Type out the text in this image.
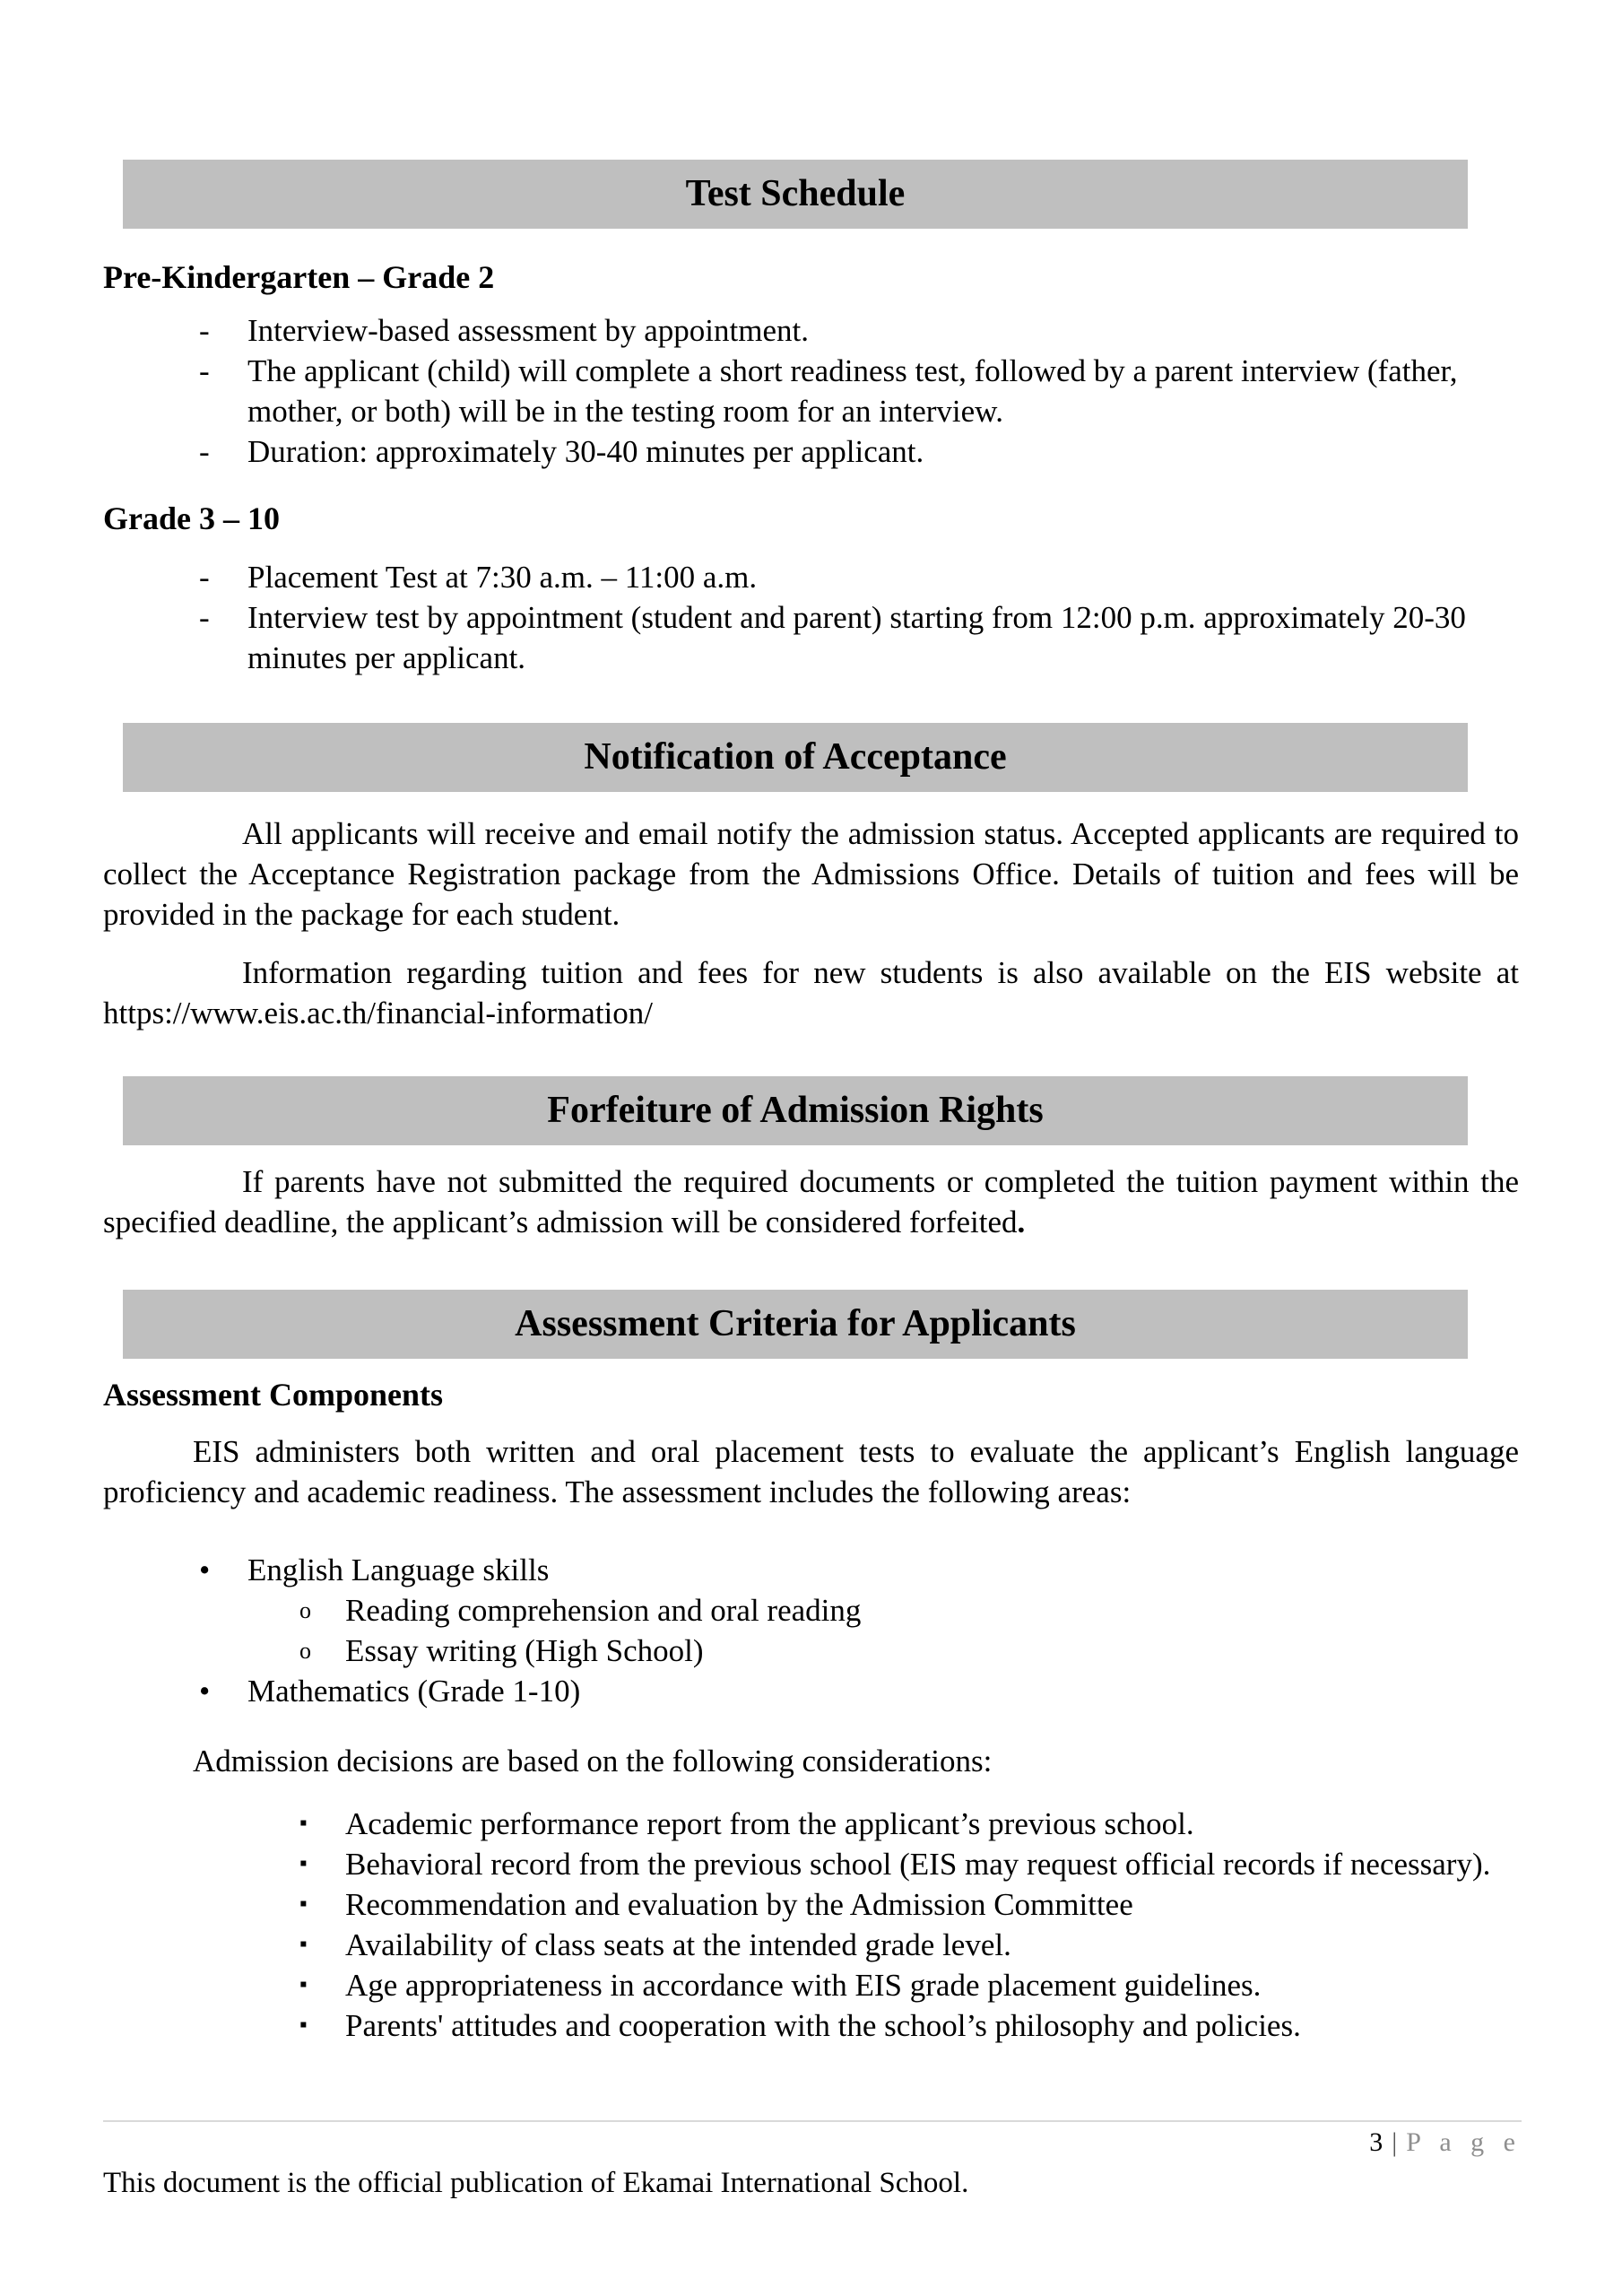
Test Schedule
Pre-Kindergarten – Grade 2
-	Interview-based assessment by appointment.
-	The applicant (child) will complete a short readiness test, followed by a parent interview (father, mother, or both) will be in the testing room for an interview.
-	Duration: approximately 30-40 minutes per applicant.
Grade 3 – 10
-	Placement Test at 7:30 a.m. – 11:00 a.m.
-	Interview test by appointment (student and parent) starting from 12:00 p.m. approximately 20-30 minutes per applicant.
Notification of Acceptance

All applicants will receive and email notify the admission status. Accepted applicants are required to collect the Acceptance Registration package from the Admissions Office. Details of tuition and fees will be provided in the package for each student.

Information regarding tuition and fees for new students is also available on the EIS website at https://www.eis.ac.th/financial-information/

Forfeiture of Admission Rights

If parents have not submitted the required documents or completed the tuition payment within the specified deadline, the applicant’s admission will be considered forfeited.

Assessment Criteria for Applicants
Assessment Components

EIS administers both written and oral placement tests to evaluate the applicant’s English language proficiency and academic readiness. The assessment includes the following areas:

•	English Language skills
o	Reading comprehension and oral reading
o	Essay writing (High School)
•	Mathematics (Grade 1-10)

Admission decisions are based on the following considerations:

▪	Academic performance report from the applicant’s previous school.
▪	Behavioral record from the previous school (EIS may request official records if necessary).
▪	Recommendation and evaluation by the Admission Committee
▪	Availability of class seats at the intended grade level.
▪	Age appropriateness in accordance with EIS grade placement guidelines.
▪	Parents' attitudes and cooperation with the school’s philosophy and policies.
3 | P a g e
This document is the official publication of Ekamai International School.
